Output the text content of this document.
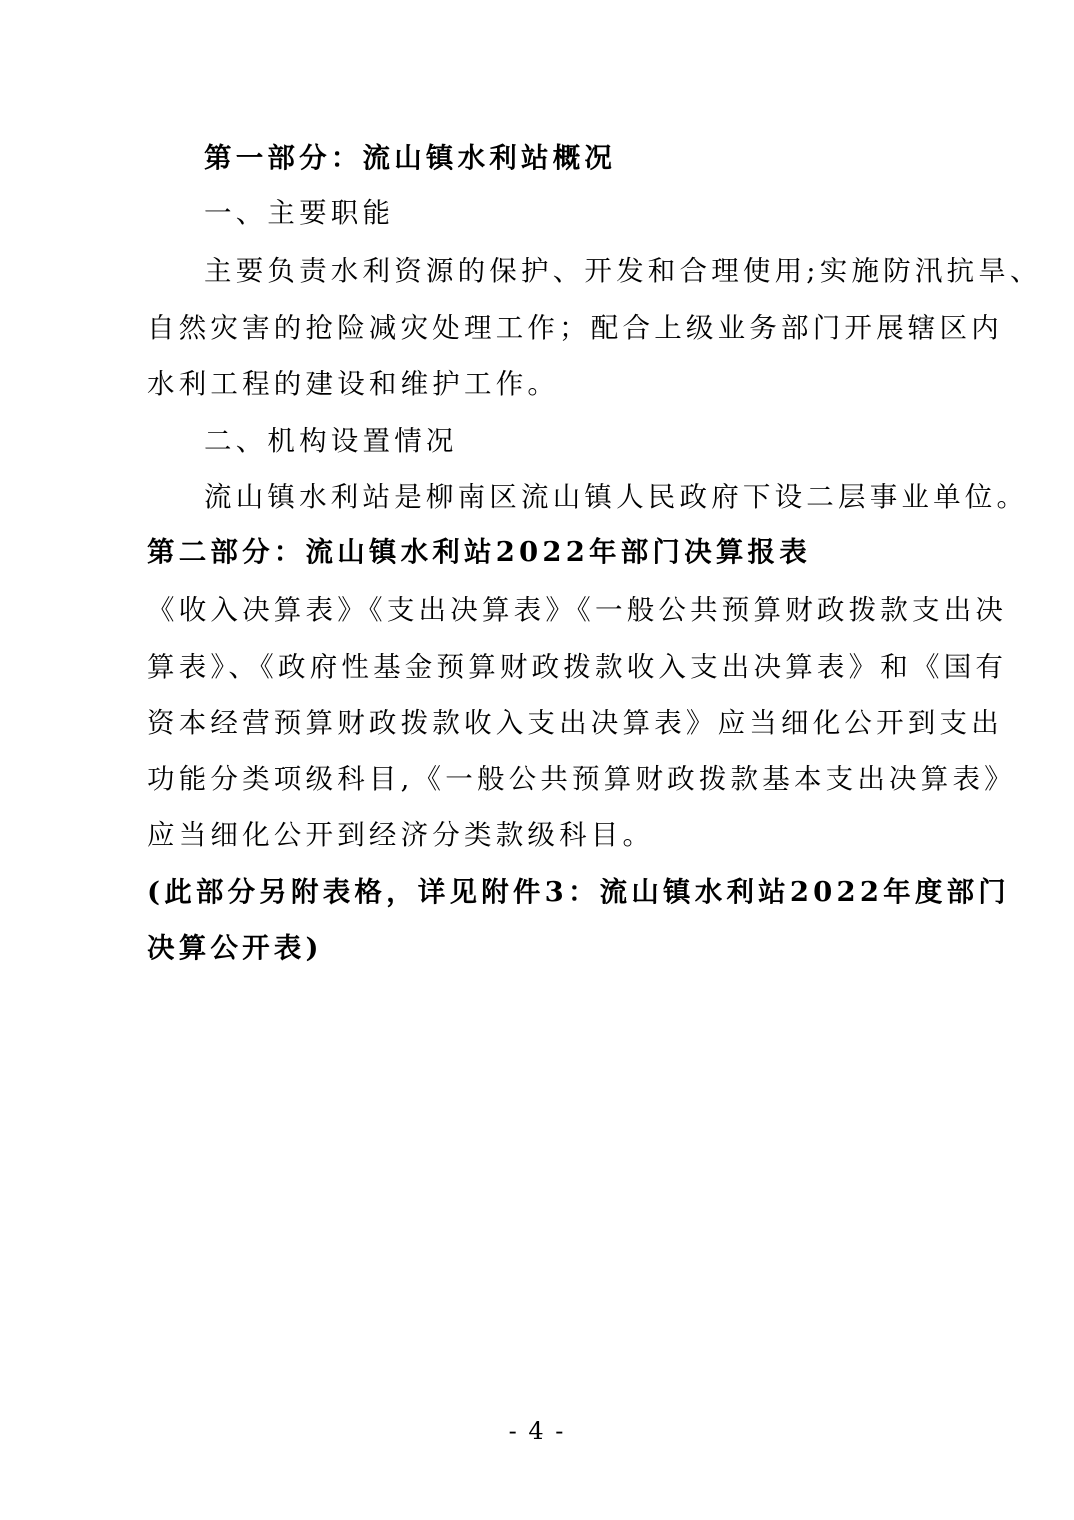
第一部分：流山镇水利站概况
一、主要职能
主要负责水利资源的保护、开发和合理使用;实施防汛抗旱、
自然灾害的抢险减灾处理工作；配合上级业务部门开展辖区内
水利工程的建设和维护工作。
二、机构设置情况
流山镇水利站是柳南区流山镇人民政府下设二层事业单位。
第二部分：流山镇水利站2022年部门决算报表
《收入决算表》《支出决算表》《一般公共预算财政拨款支出决
算表》、《政府性基金预算财政拨款收入支出决算表》和《国有
资本经营预算财政拨款收入支出决算表》应当细化公开到支出
功能分类项级科目,《一般公共预算财政拨款基本支出决算表》
应当细化公开到经济分类款级科目。
(此部分另附表格，详见附件3：流山镇水利站2022年度部门
决算公开表)
- 4 -
